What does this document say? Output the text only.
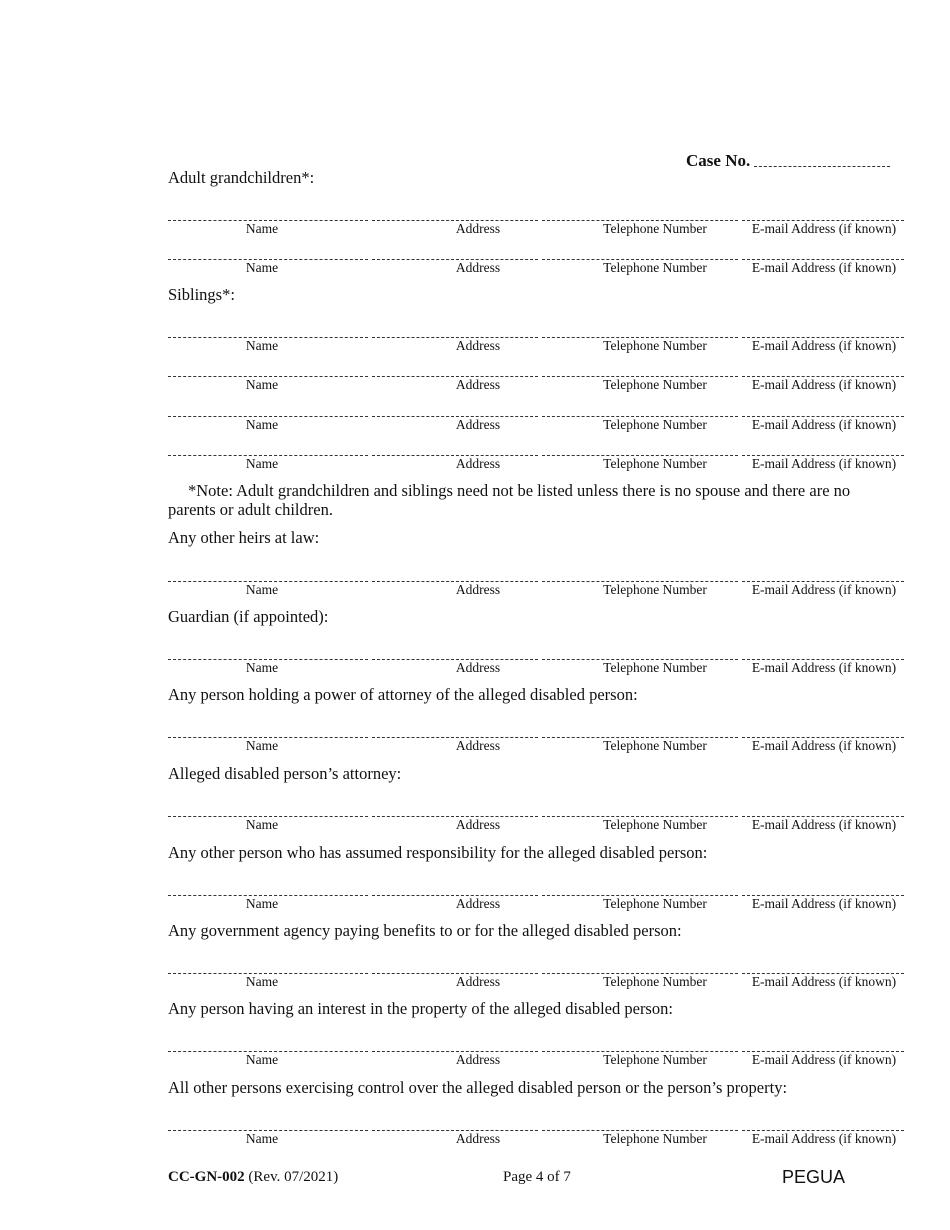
Case No.
Adult grandchildren*:
Name	Address	Telephone Number	E-mail Address (if known)
Name	Address	Telephone Number	E-mail Address (if known)
Siblings*:
Name	Address	Telephone Number	E-mail Address (if known)
Name	Address	Telephone Number	E-mail Address (if known)
Name	Address	Telephone Number	E-mail Address (if known)
Name	Address	Telephone Number	E-mail Address (if known)
*Note: Adult grandchildren and siblings need not be listed unless there is no spouse and there are no parents or adult children.
Any other heirs at law:
Name	Address	Telephone Number	E-mail Address (if known)
Guardian (if appointed):
Name	Address	Telephone Number	E-mail Address (if known)
Any person holding a power of attorney of the alleged disabled person:
Name	Address	Telephone Number	E-mail Address (if known)
Alleged disabled person’s attorney:
Name	Address	Telephone Number	E-mail Address (if known)
Any other person who has assumed responsibility for the alleged disabled person:
Name	Address	Telephone Number	E-mail Address (if known)
Any government agency paying benefits to or for the alleged disabled person:
Name	Address	Telephone Number	E-mail Address (if known)
Any person having an interest in the property of the alleged disabled person:
Name	Address	Telephone Number	E-mail Address (if known)
All other persons exercising control over the alleged disabled person or the person’s property:
Name	Address	Telephone Number	E-mail Address (if known)
CC-GN-002 (Rev. 07/2021)	Page 4 of 7	PEGUA
